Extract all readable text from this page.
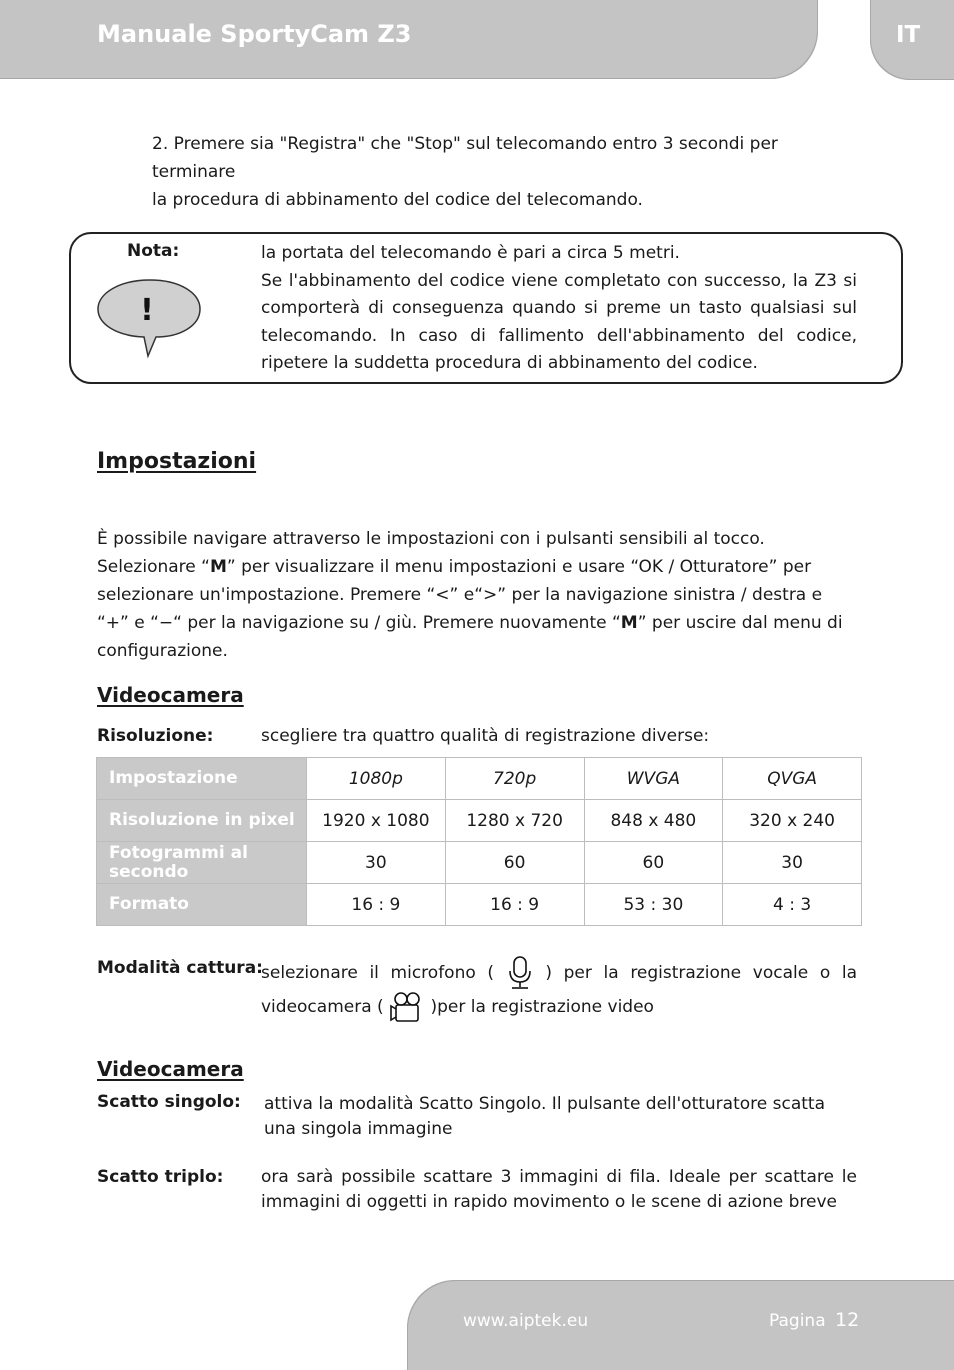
Manuale SportyCam Z3	IT
2. Premere sia "Registra" che "Stop" sul telecomando entro 3 secondi per terminare
la procedura di abbinamento del codice del telecomando.
Nota:
!
la portata del telecomando è pari a circa 5 metri.
Se l'abbinamento del codice viene completato con successo, la Z3 si comporterà di conseguenza quando si preme un tasto qualsiasi sul telecomando. In caso di fallimento dell'abbinamento del codice, ripetere la suddetta procedura di abbinamento del codice.
Impostazioni
È possibile navigare attraverso le impostazioni con i pulsanti sensibili al tocco. Selezionare “M” per visualizzare il menu impostazioni e usare “OK / Otturatore” per selezionare un'impostazione. Premere “<” e“>” per la navigazione sinistra / destra e “+” e “−“ per la navigazione su / giù. Premere nuovamente “M” per uscire dal menu di configurazione.
Videocamera
Risoluzione:	scegliere tra quattro qualità di registrazione diverse:
Impostazione	1080p	720p	WVGA	QVGA
Risoluzione in pixel	1920 x 1080	1280 x 720	848 x 480	320 x 240
Fotogrammi al secondo	30	60	60	30
Formato	16 : 9	16 : 9	53 : 30	4 : 3
Modalità cattura:
selezionare il microfono (	) per la registrazione vocale o la videocamera (	)per la registrazione video
Videocamera
Scatto singolo: attiva la modalità Scatto Singolo. Il pulsante dell'otturatore scatta
una singola immagine
Scatto triplo: ora sarà possibile scattare 3 immagini di fila. Ideale per scattare le immagini di oggetti in rapido movimento o le scene di azione breve
www.aiptek.eu	Pagina 12
